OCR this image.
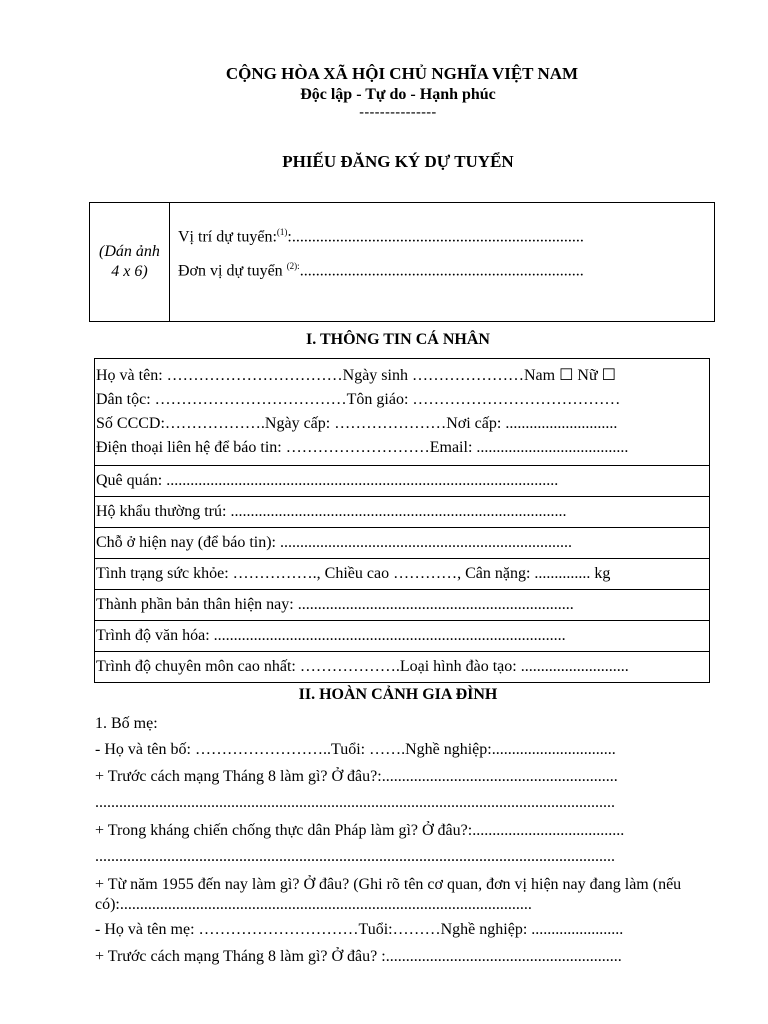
CỘNG HÒA XÃ HỘI CHỦ NGHĨA VIỆT NAM
Độc lập - Tự do - Hạnh phúc
---------------
PHIẾU ĐĂNG KÝ DỰ TUYỂN
(Dán ảnh 4 x 6)
Vị trí dự tuyển:$^{(1)}$:.........................................................................
Đơn vị dự tuyển $^{(2):}$.......................................................................
I. THÔNG TIN CÁ NHÂN
Họ và tên: ……………………………Ngày sinh …………………Nam ☐ Nữ ☐
Dân tộc: ………………………………Tôn giáo: …………………………………
Số CCCD:……………….Ngày cấp: …………………Nơi cấp: ............................
Điện thoại liên hệ để báo tin: ………………………Email: ......................................
Quê quán: ..................................................................................................
Hộ khẩu thường trú: ....................................................................................
Chỗ ở hiện nay (để báo tin): .........................................................................
Tình trạng sức khỏe: ……………., Chiều cao …………, Cân nặng: .............. kg
Thành phần bản thân hiện nay: .....................................................................
Trình độ văn hóa: ........................................................................................
Trình độ chuyên môn cao nhất: ……………….Loại hình đào tạo: ...........................
II. HOÀN CẢNH GIA ĐÌNH
1. Bố mẹ:
- Họ và tên bố: ……………………..Tuổi: …….Nghề nghiệp:...............................
+ Trước cách mạng Tháng 8 làm gì? Ở đâu?:...........................................................
..................................................................................................................................
+ Trong kháng chiến chống thực dân Pháp làm gì? Ở đâu?:......................................
..................................................................................................................................
+ Từ năm 1955 đến nay làm gì? Ở đâu? (Ghi rõ tên cơ quan, đơn vị hiện nay đang làm (nếu có):.......................................................................................................
- Họ và tên mẹ: …………………………Tuổi:………Nghề nghiệp: .......................
+ Trước cách mạng Tháng 8 làm gì? Ở đâu? :...........................................................
